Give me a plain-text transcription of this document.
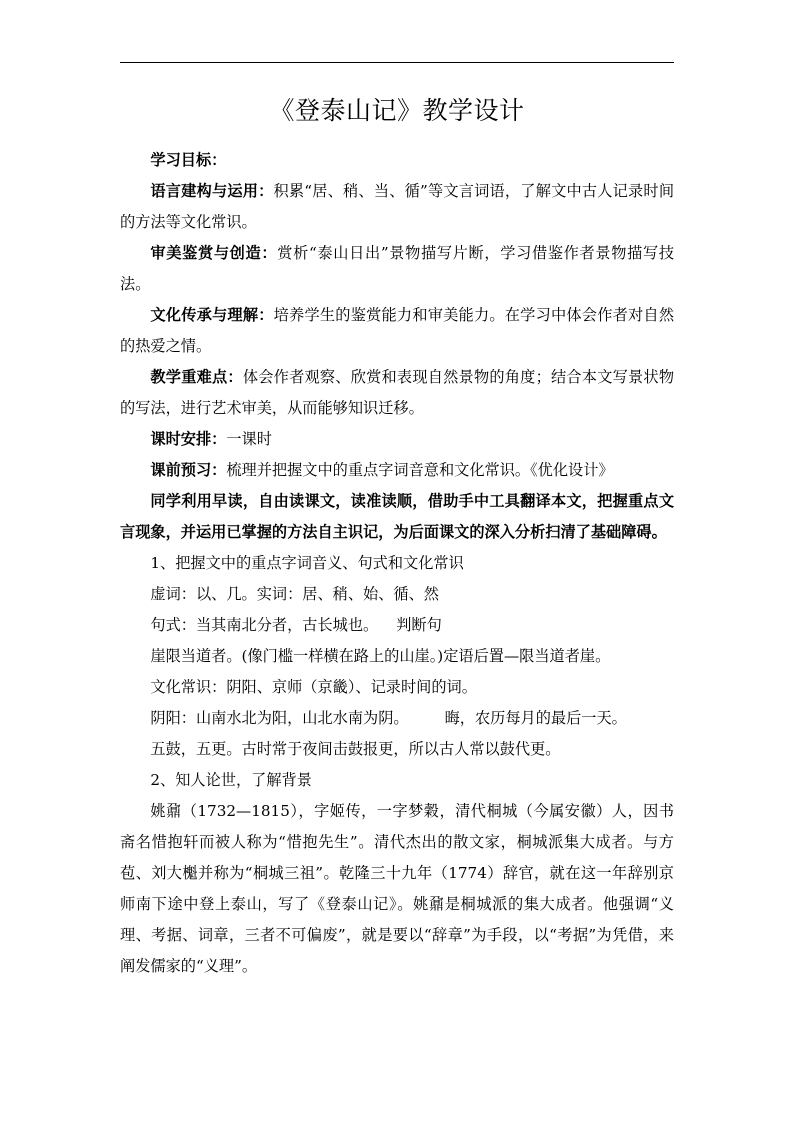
《登泰山记》教学设计

学习目标：

语言建构与运用：积累“居、稍、当、循”等文言词语，了解文中古人记录时间的方法等文化常识。

审美鉴赏与创造：赏析“泰山日出”景物描写片断，学习借鉴作者景物描写技法。

文化传承与理解：培养学生的鉴赏能力和审美能力。在学习中体会作者对自然的热爱之情。

教学重难点：体会作者观察、欣赏和表现自然景物的角度；结合本文写景状物的写法，进行艺术审美，从而能够知识迁移。

课时安排：一课时

课前预习：梳理并把握文中的重点字词音意和文化常识。《优化设计》

同学利用早读，自由读课文，读准读顺，借助手中工具翻译本文，把握重点文言现象，并运用已掌握的方法自主识记，为后面课文的深入分析扫清了基础障碍。

1、把握文中的重点字词音义、句式和文化常识

虚词：以、几。实词：居、稍、始、循、然

句式：当其南北分者，古长城也。 判断句

崖限当道者。(像门槛一样横在路上的山崖。)定语后置—限当道者崖。

文化常识：阴阳、京师（京畿）、记录时间的词。

阴阳：山南水北为阳，山北水南为阴。 晦，农历每月的最后一天。

五鼓，五更。古时常于夜间击鼓报更，所以古人常以鼓代更。

2、知人论世，了解背景

姚鼐（1732—1815），字姬传，一字梦穀，清代桐城（今属安徽）人，因书斋名惜抱轩而被人称为“惜抱先生”。清代杰出的散文家，桐城派集大成者。与方苞、刘大櫆并称为“桐城三祖”。乾隆三十九年（1774）辞官，就在这一年辞别京师南下途中登上泰山，写了《登泰山记》。姚鼐是桐城派的集大成者。他强调“义理、考据、词章，三者不可偏废”，就是要以“辞章”为手段，以“考据”为凭借，来阐发儒家的“义理”。
